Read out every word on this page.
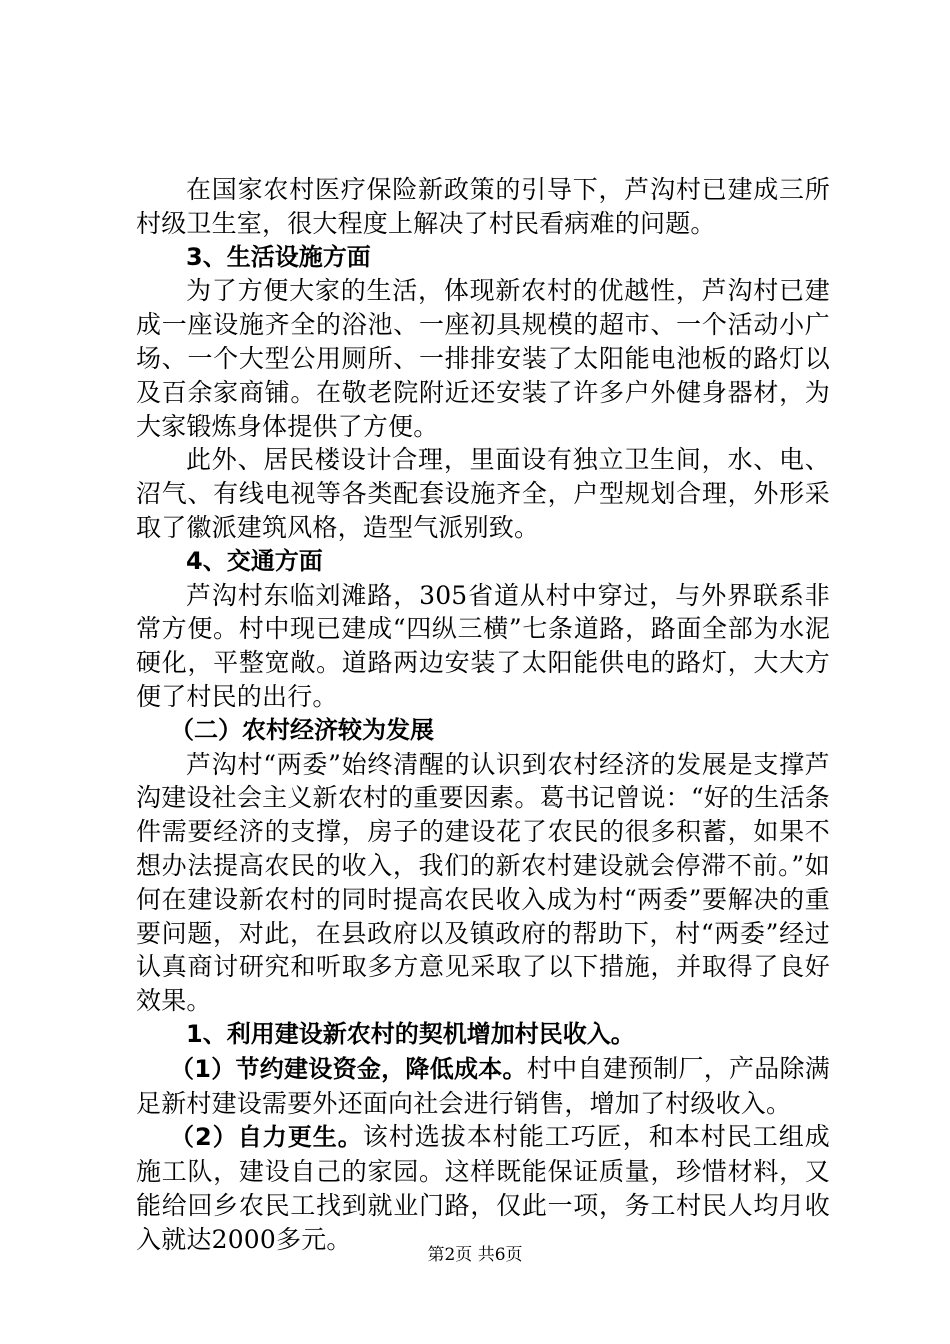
在国家农村医疗保险新政策的引导下，芦沟村已建成三所村级卫生室，很大程度上解决了村民看病难的问题。

3、生活设施方面

为了方便大家的生活，体现新农村的优越性，芦沟村已建成一座设施齐全的浴池、一座初具规模的超市、一个活动小广场、一个大型公用厕所、一排排安装了太阳能电池板的路灯以及百余家商铺。在敬老院附近还安装了许多户外健身器材，为大家锻炼身体提供了方便。

此外、居民楼设计合理，里面设有独立卫生间，水、电、沼气、有线电视等各类配套设施齐全，户型规划合理，外形采取了徽派建筑风格，造型气派别致。

4、交通方面

芦沟村东临刘滩路，305省道从村中穿过，与外界联系非常方便。村中现已建成“四纵三横”七条道路，路面全部为水泥硬化，平整宽敞。道路两边安装了太阳能供电的路灯，大大方便了村民的出行。

（二）农村经济较为发展

芦沟村“两委”始终清醒的认识到农村经济的发展是支撑芦沟建设社会主义新农村的重要因素。葛书记曾说：“好的生活条件需要经济的支撑，房子的建设花了农民的很多积蓄，如果不想办法提高农民的收入，我们的新农村建设就会停滞不前。”如何在建设新农村的同时提高农民收入成为村“两委”要解决的重要问题，对此，在县政府以及镇政府的帮助下，村“两委”经过认真商讨研究和听取多方意见采取了以下措施，并取得了良好效果。

1、利用建设新农村的契机增加村民收入。

（1）节约建设资金，降低成本。村中自建预制厂，产品除满足新村建设需要外还面向社会进行销售，增加了村级收入。

（2）自力更生。该村选拔本村能工巧匠，和本村民工组成施工队，建设自己的家园。这样既能保证质量，珍惜材料，又能给回乡农民工找到就业门路，仅此一项，务工村民人均月收入就达2000多元。

第2页 共6页
